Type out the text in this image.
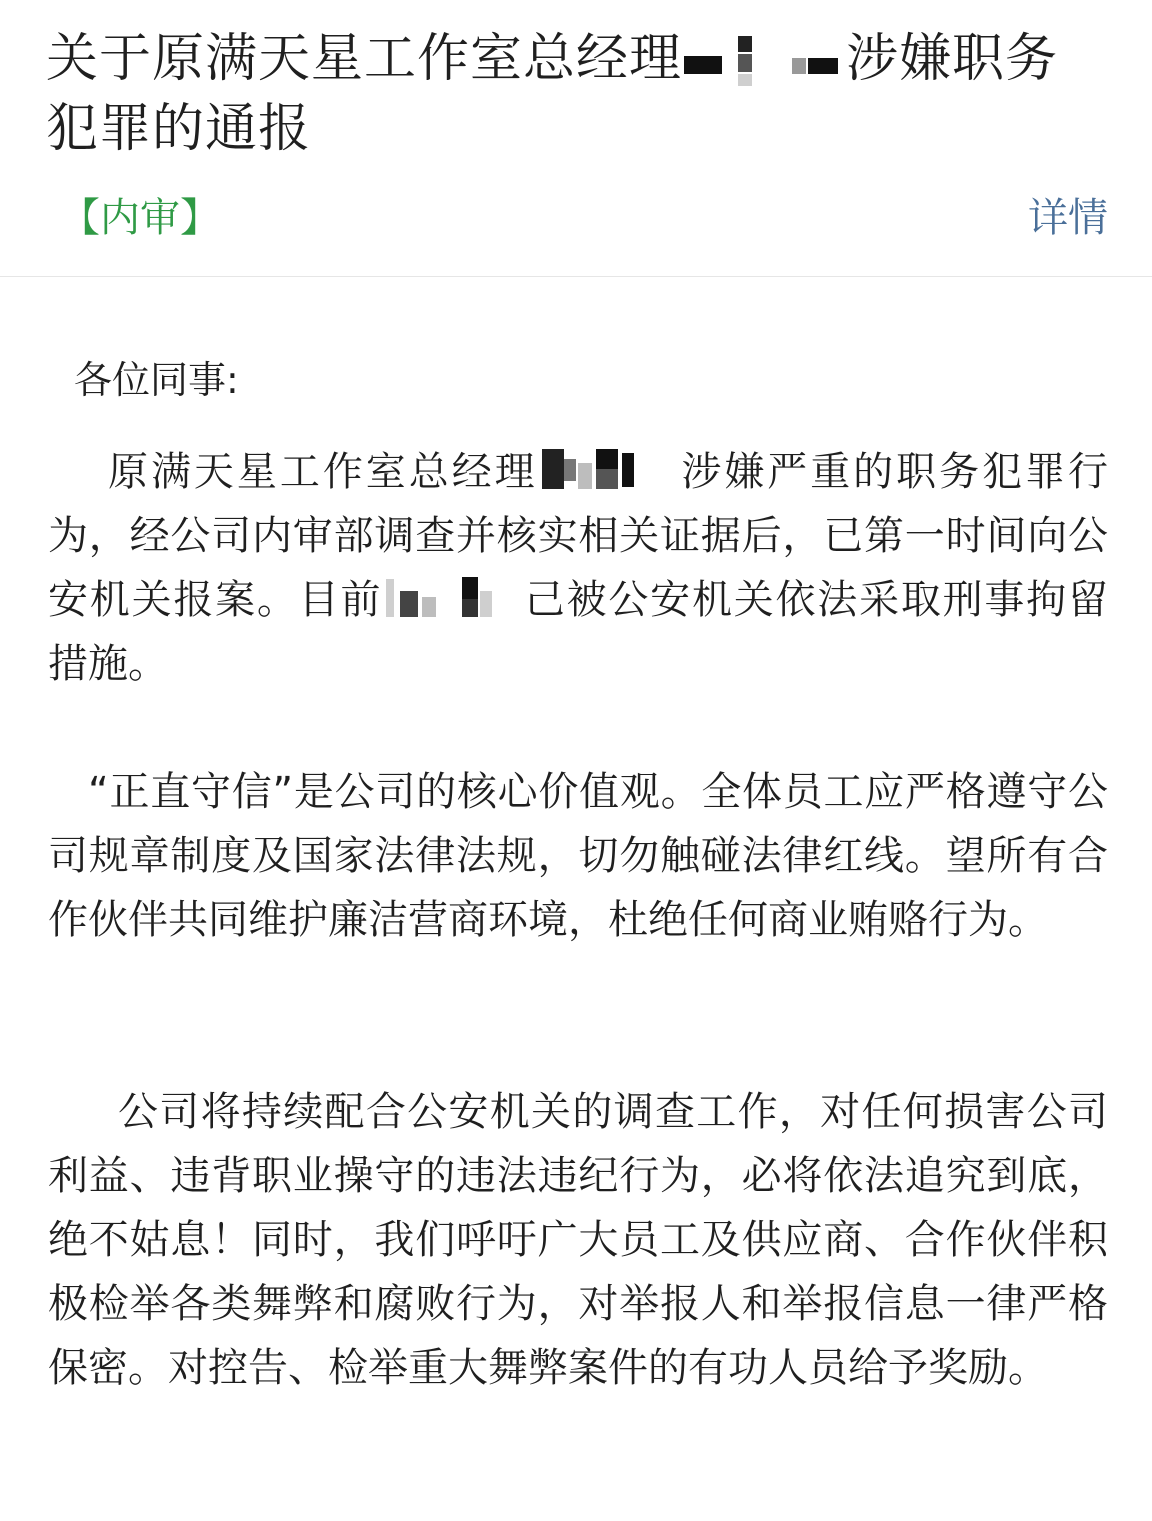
关于原满天星工作室总经理	涉嫌职务
犯罪的通报
【内审】	详情
各位同事:

原满天星工作室总经理	涉嫌严重的职务犯罪行为，经公司内审部调查并核实相关证据后，已第一时间向公安机关报案。目前	己被公安机关依法采取刑事拘留措施。

“正直守信”是公司的核心价值观。全体员工应严格遵守公司规章制度及国家法律法规，切勿触碰法律红线。望所有合作伙伴共同维护廉洁营商环境，杜绝任何商业贿赂行为。

公司将持续配合公安机关的调查工作，对任何损害公司利益、违背职业操守的违法违纪行为，必将依法追究到底，绝不姑息！同时，我们呼吁广大员工及供应商、合作伙伴积极检举各类舞弊和腐败行为，对举报人和举报信息一律严格保密。对控告、检举重大舞弊案件的有功人员给予奖励。
